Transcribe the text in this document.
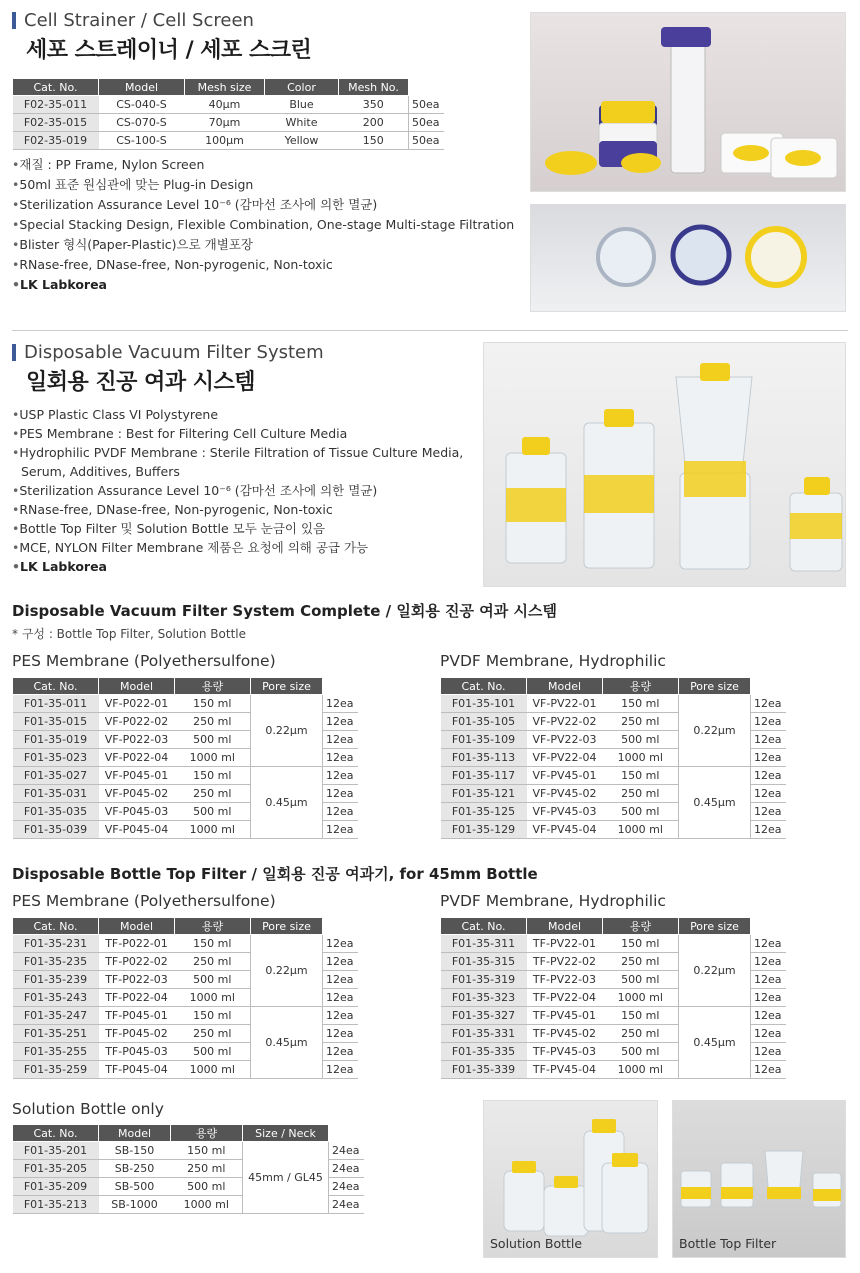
Cell Strainer / Cell Screen
세포 스트레이너 / 세포 스크린
Cat. No.	Model	Mesh size	Color	Mesh No.	
F02-35-011	CS-040-S	40μm	Blue	350	50ea
F02-35-015	CS-070-S	70μm	White	200	50ea
F02-35-019	CS-100-S	100μm	Yellow	150	50ea
• 재질 : PP Frame, Nylon Screen
• 50ml 표준 원심관에 맞는 Plug-in Design
• Sterilization Assurance Level 10⁻⁶ (감마선 조사에 의한 멸균)
• Special Stacking Design, Flexible Combination, One-stage Multi-stage Filtration
• Blister 형식(Paper-Plastic)으로 개별포장
• RNase-free, DNase-free, Non-pyrogenic, Non-toxic
• LK Labkorea
Disposable Vacuum Filter System
일회용 진공 여과 시스템
• USP Plastic Class VI Polystyrene
• PES Membrane : Best for Filtering Cell Culture Media
• Hydrophilic PVDF Membrane : Sterile Filtration of Tissue Culture Media,
Serum, Additives, Buffers
• Sterilization Assurance Level 10⁻⁶ (감마선 조사에 의한 멸균)
• RNase-free, DNase-free, Non-pyrogenic, Non-toxic
• Bottle Top Filter 및 Solution Bottle 모두 눈금이 있음
• MCE, NYLON Filter Membrane 제품은 요청에 의해 공급 가능
• LK Labkorea
Disposable Vacuum Filter System Complete / 일회용 진공 여과 시스템
* 구성 : Bottle Top Filter, Solution Bottle
PES Membrane (Polyethersulfone)
Cat. No.	Model	용량	Pore size	
F01-35-011	VF-P022-01	150 ml	0.22μm	12ea
F01-35-015	VF-P022-02	250 ml		12ea
F01-35-019	VF-P022-03	500 ml		12ea
F01-35-023	VF-P022-04	1000 ml		12ea
F01-35-027	VF-P045-01	150 ml	0.45μm	12ea
F01-35-031	VF-P045-02	250 ml		12ea
F01-35-035	VF-P045-03	500 ml		12ea
F01-35-039	VF-P045-04	1000 ml		12ea
PVDF Membrane, Hydrophilic
Cat. No.	Model	용량	Pore size	
F01-35-101	VF-PV22-01	150 ml	0.22μm	12ea
F01-35-105	VF-PV22-02	250 ml		12ea
F01-35-109	VF-PV22-03	500 ml		12ea
F01-35-113	VF-PV22-04	1000 ml		12ea
F01-35-117	VF-PV45-01	150 ml	0.45μm	12ea
F01-35-121	VF-PV45-02	250 ml		12ea
F01-35-125	VF-PV45-03	500 ml		12ea
F01-35-129	VF-PV45-04	1000 ml		12ea
Disposable Bottle Top Filter / 일회용 진공 여과기, for 45mm Bottle
PES Membrane (Polyethersulfone)
Cat. No.	Model	용량	Pore size	
F01-35-231	TF-P022-01	150 ml	0.22μm	12ea
F01-35-235	TF-P022-02	250 ml		12ea
F01-35-239	TF-P022-03	500 ml		12ea
F01-35-243	TF-P022-04	1000 ml		12ea
F01-35-247	TF-P045-01	150 ml	0.45μm	12ea
F01-35-251	TF-P045-02	250 ml		12ea
F01-35-255	TF-P045-03	500 ml		12ea
F01-35-259	TF-P045-04	1000 ml		12ea
PVDF Membrane, Hydrophilic
Cat. No.	Model	용량	Pore size	
F01-35-311	TF-PV22-01	150 ml	0.22μm	12ea
F01-35-315	TF-PV22-02	250 ml		12ea
F01-35-319	TF-PV22-03	500 ml		12ea
F01-35-323	TF-PV22-04	1000 ml		12ea
F01-35-327	TF-PV45-01	150 ml	0.45μm	12ea
F01-35-331	TF-PV45-02	250 ml		12ea
F01-35-335	TF-PV45-03	500 ml		12ea
F01-35-339	TF-PV45-04	1000 ml		12ea
Solution Bottle only
Cat. No.	Model	용량	Size / Neck	
F01-35-201	SB-150	150 ml	45mm / GL45	24ea
F01-35-205	SB-250	250 ml		24ea
F01-35-209	SB-500	500 ml		24ea
F01-35-213	SB-1000	1000 ml		24ea
Solution Bottle	Bottle Top Filter
